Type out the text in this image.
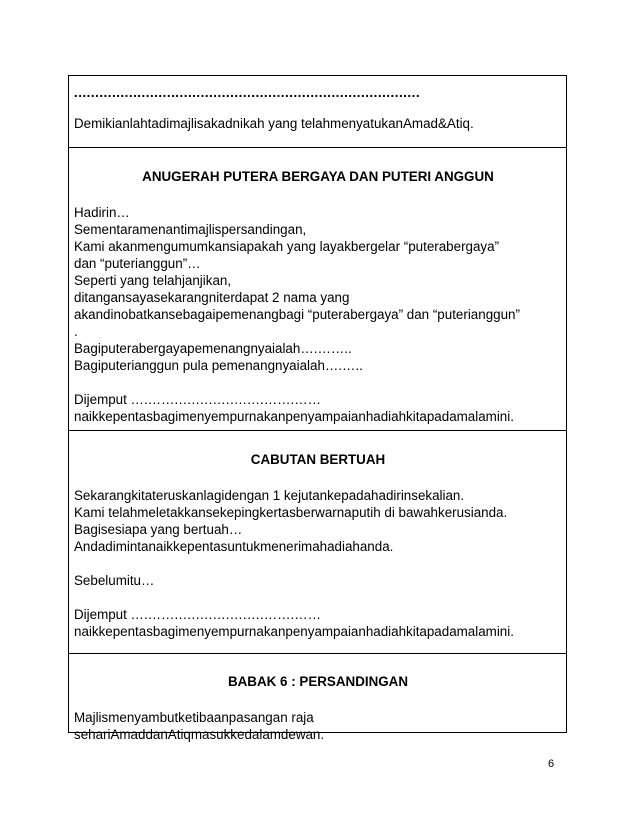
..................................................................................
Demikianlahtadimajlisakadnikah yang telahmenyatukanAmad&Atiq.
ANUGERAH PUTERA BERGAYA DAN PUTERI ANGGUN
Hadirin…
Sementaramenantimajlispersandingan,
Kami akanmengumumkansiapakah yang layakbergelar “puterabergaya”
dan “puterianggun”…
Seperti yang telahjanjikan,
ditangansayasekarangniterdapat 2 nama yang
akandinobatkansebagaipemenangbagi “puterabergaya” dan “puterianggun”
.
Bagiputerabergayapemenangnyaialah….……..
Bagiputerianggun pula pemenangnyaialah….…..
Dijemput ….…….….….….….….…….……
naikkepentasbagimenyempurnakanpenyampaianhadiahkitapadamalamini.
CABUTAN BERTUAH
Sekarangkitateruskanlagidengan 1 kejutankepadahadirinsekalian.
Kami telahmeletakkansekepingkertasberwarnaputih di bawahkerusianda.
Bagisesiapa yang bertuah…
Andadimintanaikkepentasuntukmenerimahadiahanda.
Sebelumitu…
Dijemput ….…….….….….….….…….……
naikkepentasbagimenyempurnakanpenyampaianhadiahkitapadamalamini.
BABAK 6 : PERSANDINGAN
Majlismenyambutketibaanpasangan raja
sehariAmaddanAtiqmasukkedalamdewan.
6
